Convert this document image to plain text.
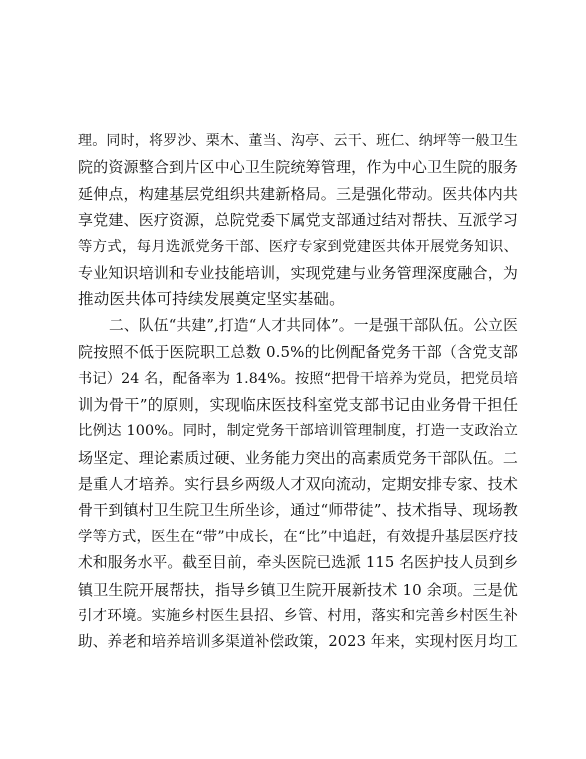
理。同时，将罗沙、栗木、董当、沟亭、云干、班仁、纳坪等一般卫生
院的资源整合到片区中心卫生院统筹管理，作为中心卫生院的服务
延伸点，构建基层党组织共建新格局。三是强化带动。医共体内共
享党建、医疗资源，总院党委下属党支部通过结对帮扶、互派学习
等方式，每月选派党务干部、医疗专家到党建医共体开展党务知识、
专业知识培训和专业技能培训，实现党建与业务管理深度融合，为
推动医共体可持续发展奠定坚实基础。
二、队伍“共建”,打造“人才共同体”。一是强干部队伍。公立医
院按照不低于医院职工总数 0.5%的比例配备党务干部（含党支部
书记）24 名，配备率为 1.84%。按照“把骨干培养为党员，把党员培
训为骨干”的原则，实现临床医技科室党支部书记由业务骨干担任
比例达 100%。同时，制定党务干部培训管理制度，打造一支政治立
场坚定、理论素质过硬、业务能力突出的高素质党务干部队伍。二
是重人才培养。实行县乡两级人才双向流动，定期安排专家、技术
骨干到镇村卫生院卫生所坐诊，通过“师带徒”、技术指导、现场教
学等方式，医生在“带”中成长，在“比”中追赶，有效提升基层医疗技
术和服务水平。截至目前，牵头医院已选派 115 名医护技人员到乡
镇卫生院开展帮扶，指导乡镇卫生院开展新技术 10 余项。三是优
引才环境。实施乡村医生县招、乡管、村用，落实和完善乡村医生补
助、养老和培养培训多渠道补偿政策，2023 年来，实现村医月均工
